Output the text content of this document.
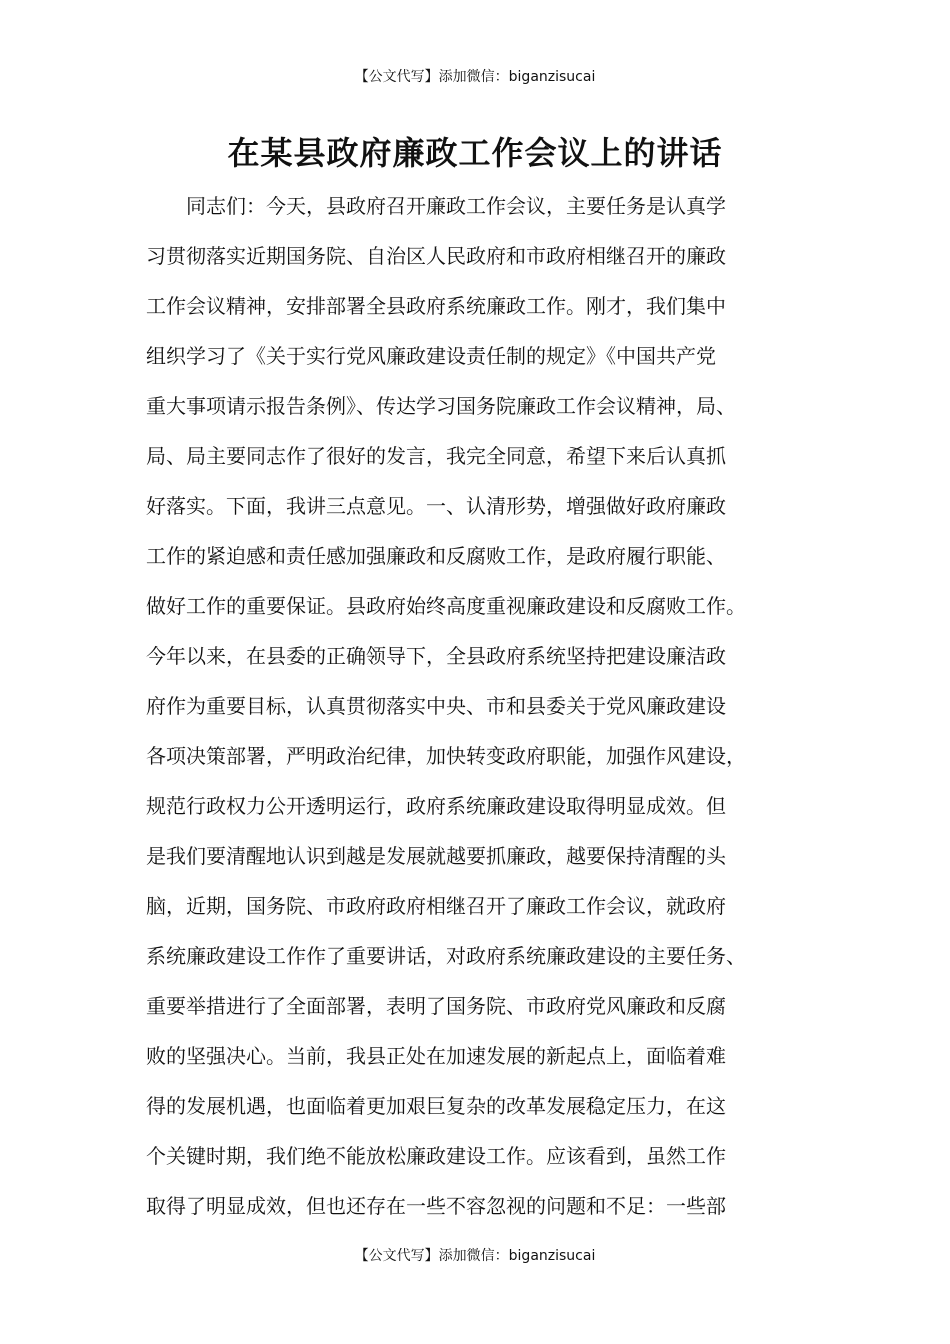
【公文代写】添加微信：biganzisucai
在某县政府廉政工作会议上的讲话
　　同志们：今天，县政府召开廉政工作会议，主要任务是认真学
习贯彻落实近期国务院、自治区人民政府和市政府相继召开的廉政
工作会议精神，安排部署全县政府系统廉政工作。刚才，我们集中
组织学习了《关于实行党风廉政建设责任制的规定》《中国共产党
重大事项请示报告条例》、传达学习国务院廉政工作会议精神，局、
局、局主要同志作了很好的发言，我完全同意，希望下来后认真抓
好落实。下面，我讲三点意见。一、认清形势，增强做好政府廉政
工作的紧迫感和责任感加强廉政和反腐败工作，是政府履行职能、
做好工作的重要保证。县政府始终高度重视廉政建设和反腐败工作。
今年以来，在县委的正确领导下，全县政府系统坚持把建设廉洁政
府作为重要目标，认真贯彻落实中央、市和县委关于党风廉政建设
各项决策部署，严明政治纪律，加快转变政府职能，加强作风建设，
规范行政权力公开透明运行，政府系统廉政建设取得明显成效。但
是我们要清醒地认识到越是发展就越要抓廉政，越要保持清醒的头
脑，近期，国务院、市政府政府相继召开了廉政工作会议，就政府
系统廉政建设工作作了重要讲话，对政府系统廉政建设的主要任务、
重要举措进行了全面部署，表明了国务院、市政府党风廉政和反腐
败的坚强决心。当前，我县正处在加速发展的新起点上，面临着难
得的发展机遇，也面临着更加艰巨复杂的改革发展稳定压力，在这
个关键时期，我们绝不能放松廉政建设工作。应该看到，虽然工作
取得了明显成效，但也还存在一些不容忽视的问题和不足：一些部
【公文代写】添加微信：biganzisucai
